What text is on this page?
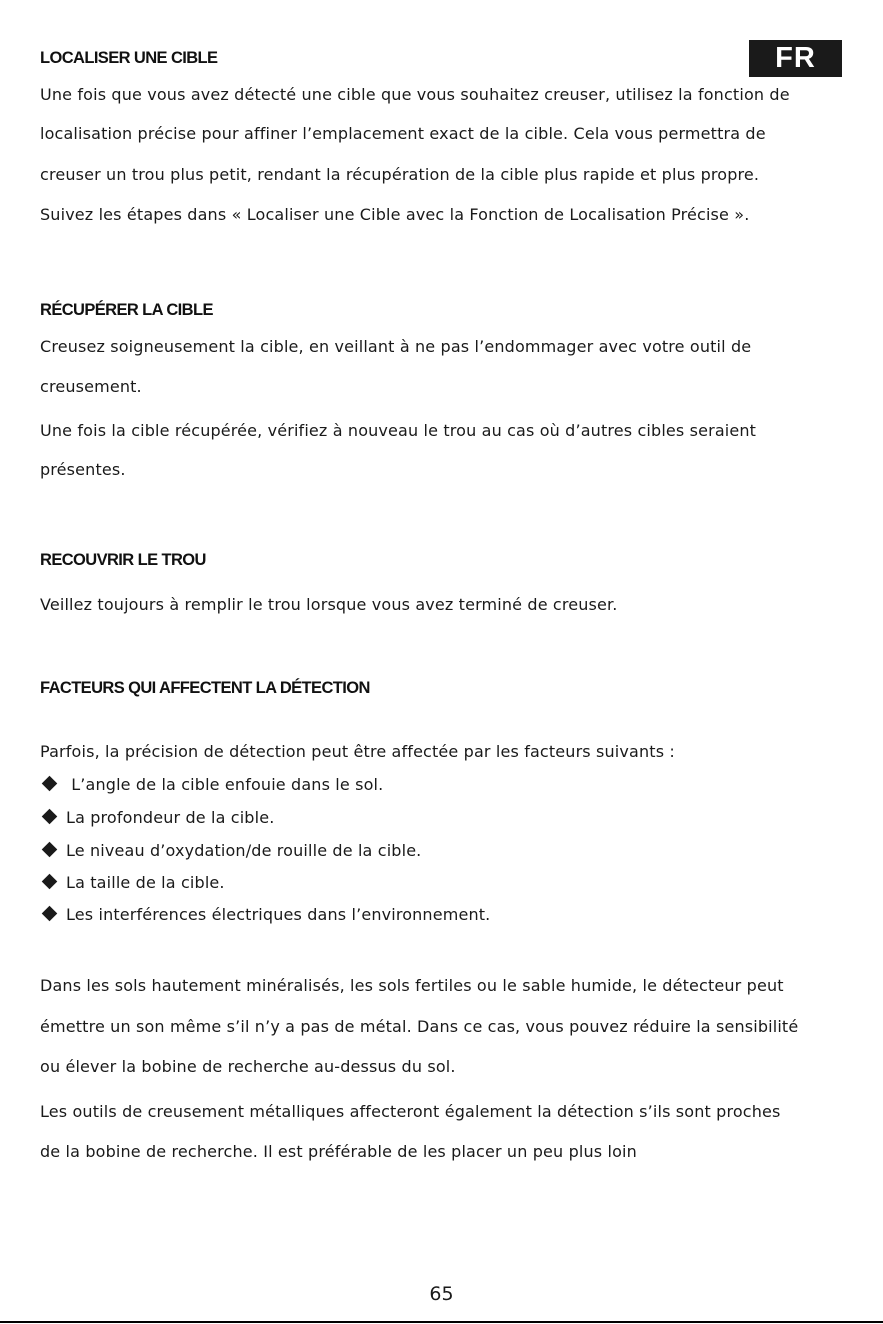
FR
LOCALISER UNE CIBLE
Une fois que vous avez détecté une cible que vous souhaitez creuser, utilisez la fonction de
localisation précise pour affiner l’emplacement exact de la cible. Cela vous permettra de
creuser un trou plus petit, rendant la récupération de la cible plus rapide et plus propre.
Suivez les étapes dans « Localiser une Cible avec la Fonction de Localisation Précise ».
RÉCUPÉRER LA CIBLE
Creusez soigneusement la cible, en veillant à ne pas l’endommager avec votre outil de
creusement.
Une fois la cible récupérée, vérifiez à nouveau le trou au cas où d’autres cibles seraient
présentes.
RECOUVRIR LE TROU
Veillez toujours à remplir le trou lorsque vous avez terminé de creuser.
FACTEURS QUI AFFECTENT LA DÉTECTION
Parfois, la précision de détection peut être affectée par les facteurs suivants :
L’angle de la cible enfouie dans le sol.
La profondeur de la cible.
Le niveau d’oxydation/de rouille de la cible.
La taille de la cible.
Les interférences électriques dans l’environnement.
Dans les sols hautement minéralisés, les sols fertiles ou le sable humide, le détecteur peut
émettre un son même s’il n’y a pas de métal. Dans ce cas, vous pouvez réduire la sensibilité
ou élever la bobine de recherche au-dessus du sol.
Les outils de creusement métalliques affecteront également la détection s’ils sont proches
de la bobine de recherche. Il est préférable de les placer un peu plus loin
65
